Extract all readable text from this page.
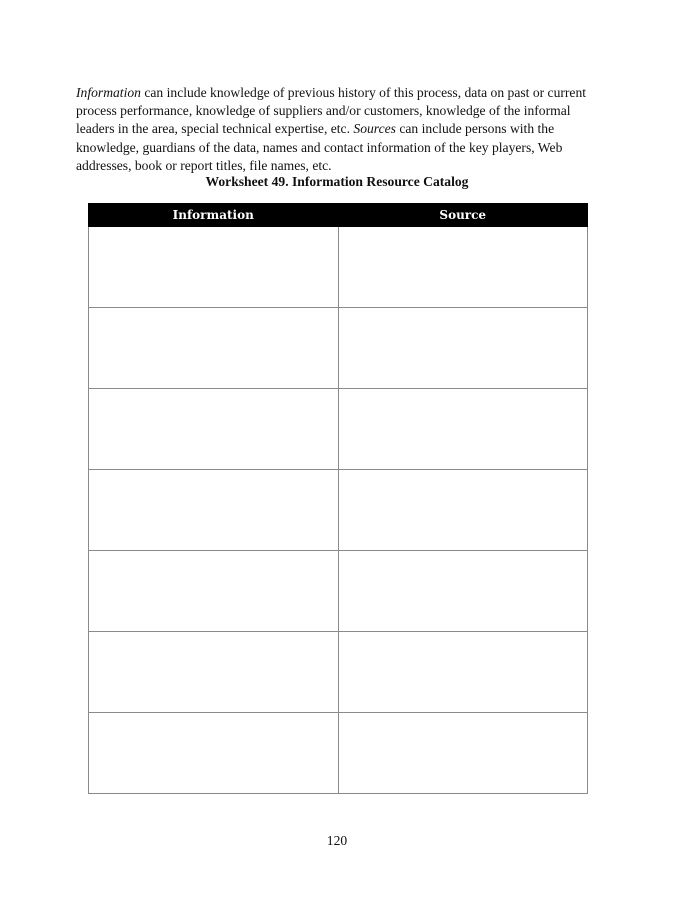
Information can include knowledge of previous history of this process, data on past or current process performance, knowledge of suppliers and/or customers, knowledge of the informal leaders in the area, special technical expertise, etc. Sources can include persons with the knowledge, guardians of the data, names and contact information of the key players, Web addresses, book or report titles, file names, etc.

Worksheet 49. Information Resource Catalog
Information	Source

120
